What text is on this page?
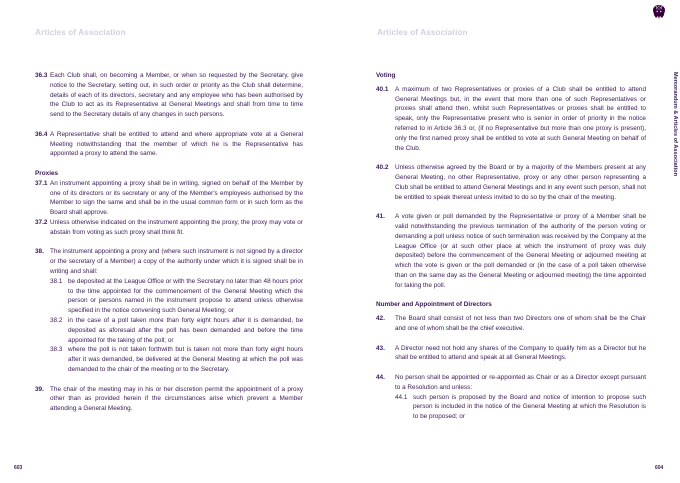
Articles of Association
36.3 Each Club shall, on becoming a Member, or when so requested by the Secretary, give notice to the Secretary, setting out, in such order or priority as the Club shall determine, details of each of its directors, secretary and any employee who has been authorised by the Club to act as its Representative at General Meetings and shall from time to time send to the Secretary details of any changes in such persons.
36.4 A Representative shall be entitled to attend and where appropriate vote at a General Meeting notwithstanding that the member of which he is the Representative has appointed a proxy to attend the same.
Proxies
37.1 An instrument appointing a proxy shall be in writing, signed on behalf of the Member by one of its directors or its secretary or any of the Member's employees authorised by the Member to sign the same and shall be in the usual common form or in such form as the Board shall approve.
37.2 Unless otherwise indicated on the instrument appointing the proxy, the proxy may vote or abstain from voting as such proxy shall think fit.
38. The instrument appointing a proxy and (where such instrument is not signed by a director or the secretary of a Member) a copy of the authority under which it is signed shall be in writing and shall:
38.1 be deposited at the League Office or with the Secretary no later than 48 hours prior to the time appointed for the commencement of the General Meeting which the person or persons named in the instrument propose to attend unless otherwise specified in the notice convening such General Meeting; or
38.2 in the case of a poll taken more than forty eight hours after it is demanded, be deposited as aforesaid after the poll has been demanded and before the time appointed for the taking of the poll; or
38.3 where the poll is not taken forthwith but is taken not more than forty eight hours after it was demanded, be delivered at the General Meeting at which the poll was demanded to the chair of the meeting or to the Secretary.
39. The chair of the meeting may in his or her discretion permit the appointment of a proxy other than as provided herein if the circumstances arise which prevent a Member attending a General Meeting.
603
Articles of Association
Voting
40.1	A maximum of two Representatives or proxies of a Club shall be entitled to attend General Meetings but, in the event that more than one of such Representatives or proxies shall attend then, whilst such Representatives or proxies shall be entitled to speak, only the Representative present who is senior in order of priority in the notice referred to in Article 36.3 or, (if no Representative but more than one proxy is present), only the first named proxy shall be entitled to vote at such General Meeting on behalf of the Club.
40.2	Unless otherwise agreed by the Board or by a majority of the Members present at any General Meeting, no other Representative, proxy or any other person representing a Club shall be entitled to attend General Meetings and in any event such person, shall not be entitled to speak thereat unless invited to do so by the chair of the meeting.
41.	A vote given or poll demanded by the Representative or proxy of a Member shall be valid notwithstanding the previous termination of the authority of the person voting or demanding a poll unless notice of such termination was received by the Company at the League Office (or at such other place at which the instrument of proxy was duly deposited) before the commencement of the General Meeting or adjourned meeting at which the vote is given or the poll demanded or (in the case of a poll taken otherwise than on the same day as the General Meeting or adjourned meeting) the time appointed for taking the poll.
Number and Appointment of Directors
42.	The Board shall consist of not less than two Directors one of whom shall be the Chair and one of whom shall be the chief executive.
43.	A Director need not hold any shares of the Company to qualify him as a Director but he shall be entitled to attend and speak at all General Meetings.
44.	No person shall be appointed or re-appointed as Chair or as a Director except pursuant to a Resolution and unless:
44.1 such person is proposed by the Board and notice of intention to propose such person is included in the notice of the General Meeting at which the Resolution is to be proposed; or
604
Memorandum & Articles of Association
